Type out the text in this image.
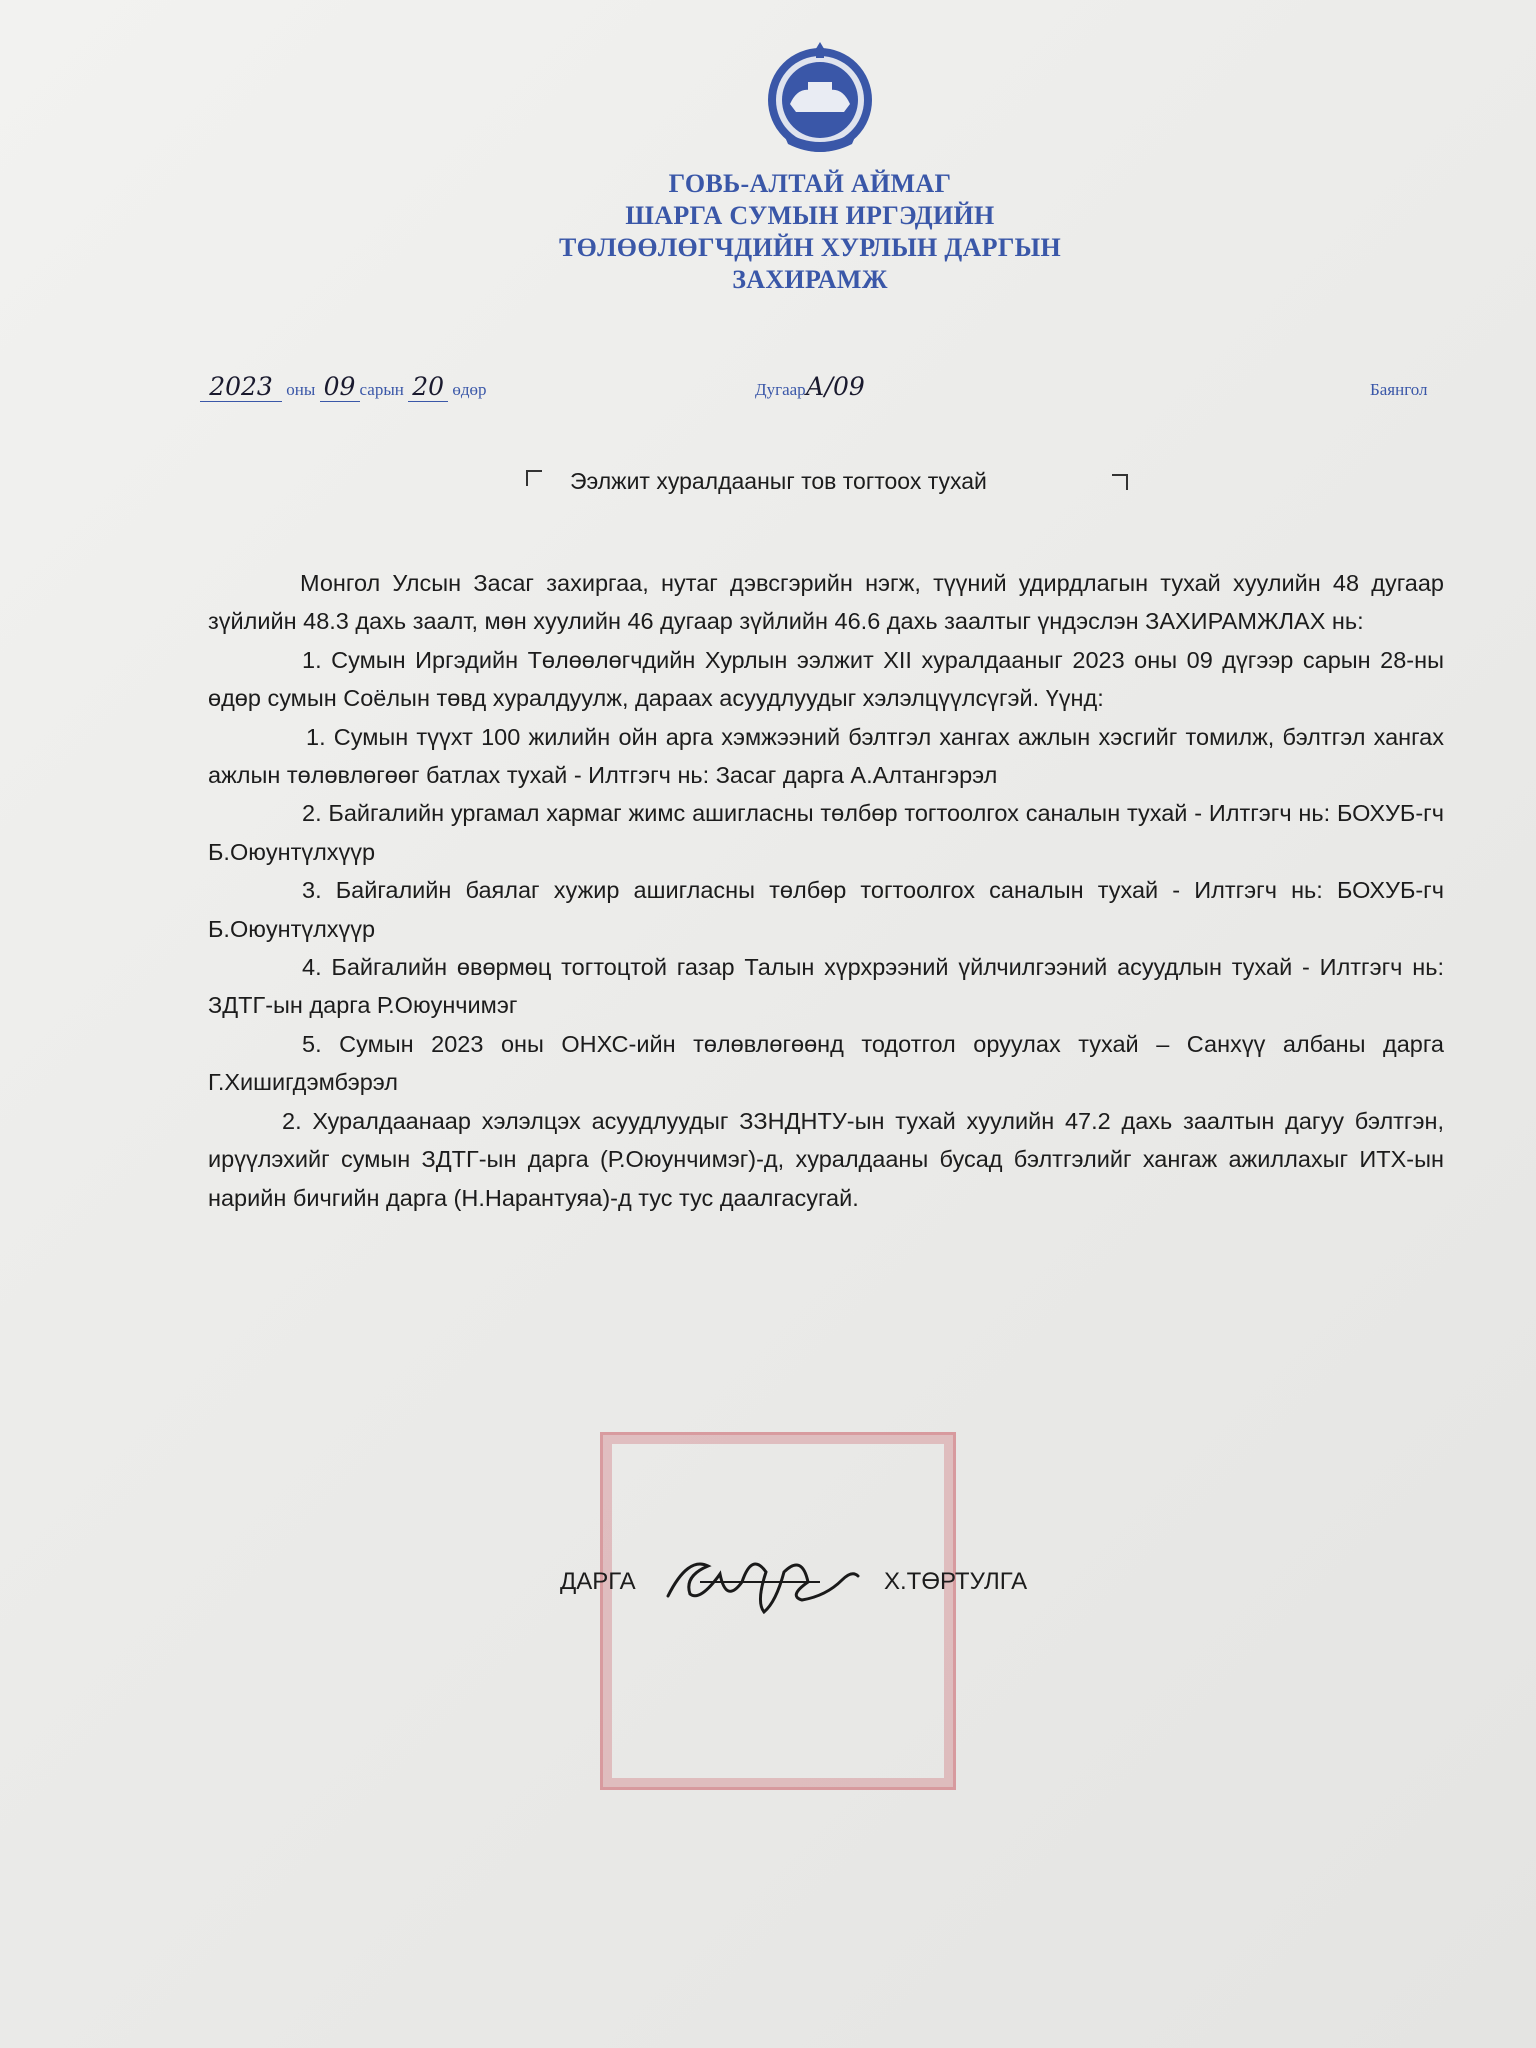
ГОВЬ-АЛТАЙ АЙМАГ
ШАРГА СУМЫН ИРГЭДИЙН
ТӨЛӨӨЛӨГЧДИЙН ХУРЛЫН ДАРГЫН
ЗАХИРАМЖ
2023 оны 09 сарын 20 өдөр	ДугаарА/09	Баянгол
Ээлжит хуралдааныг тов тогтоох тухай

Монгол Улсын Засаг захиргаа, нутаг дэвсгэрийн нэгж, түүний удирдлагын тухай хуулийн 48 дугаар зүйлийн 48.3 дахь заалт, мөн хуулийн 46 дугаар зүйлийн 46.6 дахь заалтыг үндэслэн ЗАХИРАМЖЛАХ нь:

1. Сумын Иргэдийн Төлөөлөгчдийн Хурлын ээлжит XII хуралдааныг 2023 оны 09 дүгээр сарын 28-ны өдөр сумын Соёлын төвд хуралдуулж, дараах асуудлуудыг хэлэлцүүлсүгэй. Үүнд:

1. Сумын түүхт 100 жилийн ойн арга хэмжээний бэлтгэл хангах ажлын хэсгийг томилж, бэлтгэл хангах ажлын төлөвлөгөөг батлах тухай - Илтгэгч нь: Засаг дарга А.Алтангэрэл

2. Байгалийн ургамал хармаг жимс ашигласны төлбөр тогтоолгох саналын тухай - Илтгэгч нь: БОХУБ-гч Б.Оюунтүлхүүр

3. Байгалийн баялаг хужир ашигласны төлбөр тогтоолгох саналын тухай - Илтгэгч нь: БОХУБ-гч Б.Оюунтүлхүүр

4. Байгалийн өвөрмөц тогтоцтой газар Талын хүрхрээний үйлчилгээний асуудлын тухай - Илтгэгч нь: ЗДТГ-ын дарга Р.Оюунчимэг

5. Сумын 2023 оны ОНХС-ийн төлөвлөгөөнд тодотгол оруулах тухай – Санхүү албаны дарга Г.Хишигдэмбэрэл

2. Хуралдаанаар хэлэлцэх асуудлуудыг ЗЗНДНТУ-ын тухай хуулийн 47.2 дахь заалтын дагуу бэлтгэн, ирүүлэхийг сумын ЗДТГ-ын дарга (Р.Оюунчимэг)-д, хуралдааны бусад бэлтгэлийг хангаж ажиллахыг ИТХ-ын нарийн бичгийн дарга (Н.Нарантуяа)-д тус тус даалгасугай.

ДАРГА	Х.ТӨРТУЛГА
